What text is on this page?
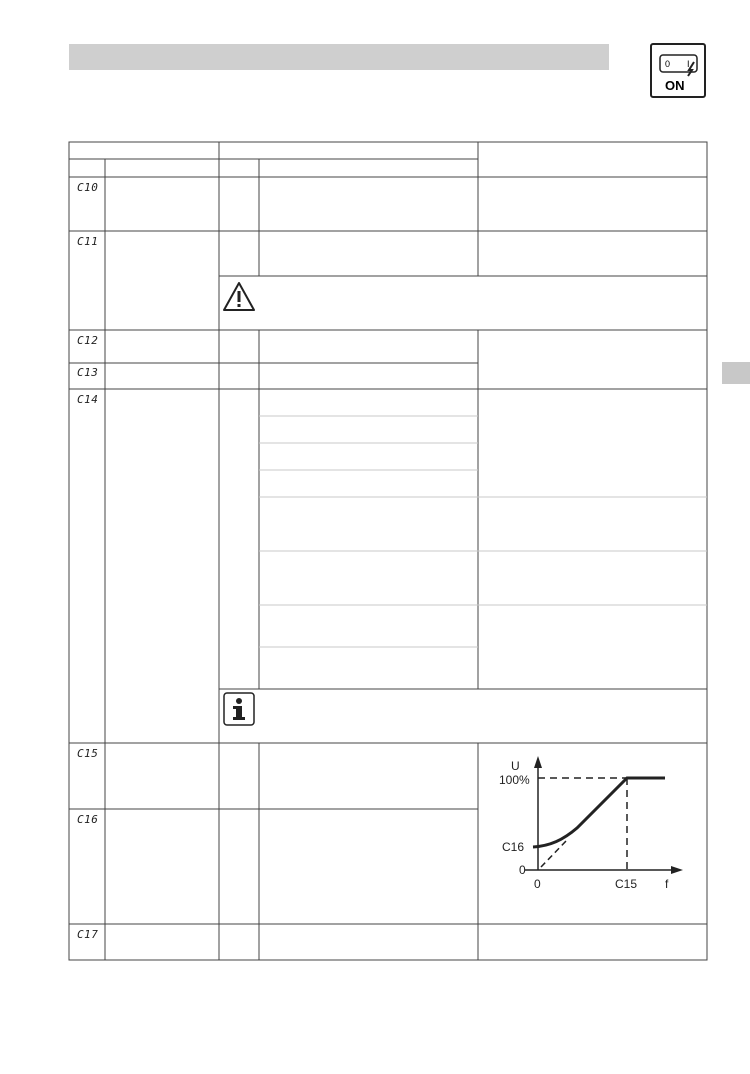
0 I
ON
C10
C11
C12
C13
C14
C15
C16
C17
U
100%
C16
0
0	C15 f
